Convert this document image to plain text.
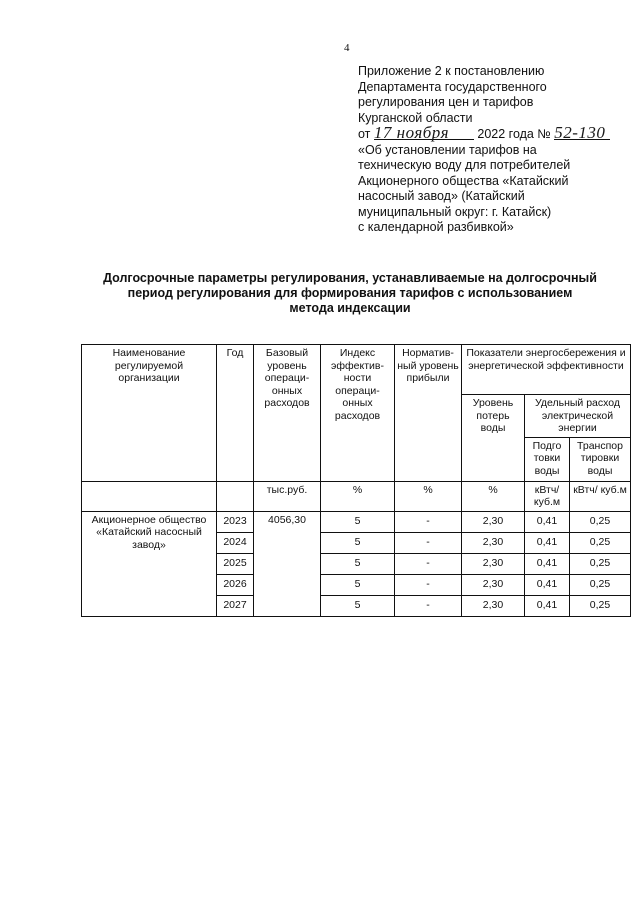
4
Приложение 2 к постановлению
Департамента государственного
регулирования цен и тарифов
Курганской области
от 17 ноября 2022 года № 52-130
«Об установлении тарифов на
техническую воду для потребителей
Акционерного общества «Катайский
насосный завод» (Катайский
муниципальный округ: г. Катайск)
с календарной разбивкой»
Долгосрочные параметры регулирования, устанавливаемые на долгосрочный
период регулирования для формирования тарифов с использованием
метода индексации
Наименование регулируемой организации	Год	Базовый уровень операци-онных расходов	Индекс эффектив-ности операци-онных расходов	Норматив-ный уровень прибыли	Показатели энергосбережения и энергетической эффективности		
					Уровень потерь воды	Удельный расход электрической энергии	
						Подго товки воды	Транспор тировки воды
		тыс.руб.	%	%	%	кВтч/ куб.м	кВтч/ куб.м
Акционерное общество «Катайский насосный завод»	2023	4056,30	5	-	2,30	0,41	0,25
	2024		5	-	2,30	0,41	0,25
	2025		5	-	2,30	0,41	0,25
	2026		5	-	2,30	0,41	0,25
	2027		5	-	2,30	0,41	0,25
